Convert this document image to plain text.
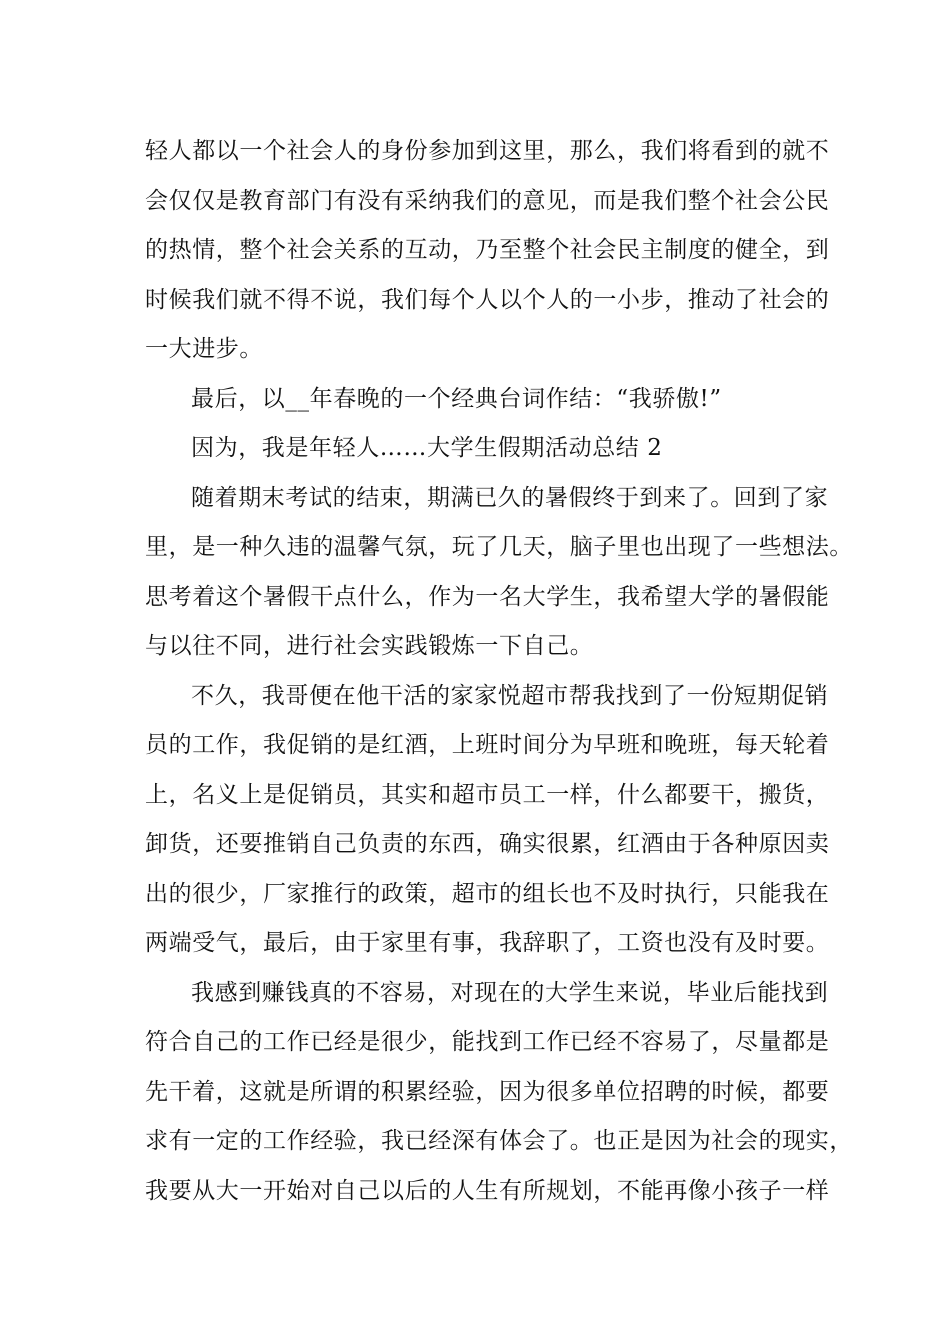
轻人都以一个社会人的身份参加到这里，那么，我们将看到的就不
会仅仅是教育部门有没有采纳我们的意见，而是我们整个社会公民
的热情，整个社会关系的互动，乃至整个社会民主制度的健全，到
时候我们就不得不说，我们每个人以个人的一小步，推动了社会的
一大进步。
最后，以__年春晚的一个经典台词作结：“我骄傲!”
因为，我是年轻人……大学生假期活动总结 2
随着期末考试的结束，期满已久的暑假终于到来了。回到了家
里，是一种久违的温馨气氛，玩了几天，脑子里也出现了一些想法。
思考着这个暑假干点什么，作为一名大学生，我希望大学的暑假能
与以往不同，进行社会实践锻炼一下自己。
不久，我哥便在他干活的家家悦超市帮我找到了一份短期促销
员的工作，我促销的是红酒，上班时间分为早班和晚班，每天轮着
上，名义上是促销员，其实和超市员工一样，什么都要干，搬货，
卸货，还要推销自己负责的东西，确实很累，红酒由于各种原因卖
出的很少，厂家推行的政策，超市的组长也不及时执行，只能我在
两端受气，最后，由于家里有事，我辞职了，工资也没有及时要。
我感到赚钱真的不容易，对现在的大学生来说，毕业后能找到
符合自己的工作已经是很少，能找到工作已经不容易了，尽量都是
先干着，这就是所谓的积累经验，因为很多单位招聘的时候，都要
求有一定的工作经验，我已经深有体会了。也正是因为社会的现实，
我要从大一开始对自己以后的人生有所规划，不能再像小孩子一样
